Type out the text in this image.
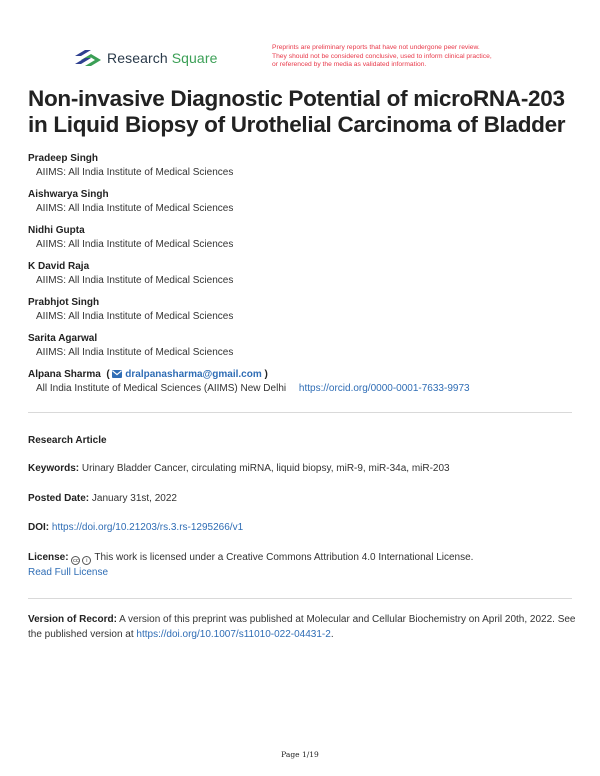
Research Square
Preprints are preliminary reports that have not undergone peer review.
They should not be considered conclusive, used to inform clinical practice,
or referenced by the media as validated information.
Non-invasive Diagnostic Potential of microRNA-203
in Liquid Biopsy of Urothelial Carcinoma of Bladder
Pradeep Singh
AIIMS: All India Institute of Medical Sciences
Aishwarya Singh
AIIMS: All India Institute of Medical Sciences
Nidhi Gupta
AIIMS: All India Institute of Medical Sciences
K David Raja
AIIMS: All India Institute of Medical Sciences
Prabhjot Singh
AIIMS: All India Institute of Medical Sciences
Sarita Agarwal
AIIMS: All India Institute of Medical Sciences
Alpana Sharma  (  dralpanasharma@gmail.com )
All India Institute of Medical Sciences (AIIMS) New Delhi https://orcid.org/0000-0001-7633-9973
Research Article
Keywords: Urinary Bladder Cancer, circulating miRNA, liquid biopsy, miR-9, miR-34a, miR-203
Posted Date: January 31st, 2022
DOI: https://doi.org/10.21203/rs.3.rs-1295266/v1
License: cc	i This work is licensed under a Creative Commons Attribution 4.0 International License.
Read Full License
Version of Record: A version of this preprint was published at Molecular and Cellular Biochemistry on April 20th, 2022. See the published version at https://doi.org/10.1007/s11010-022-04431-2.
Page 1/19
